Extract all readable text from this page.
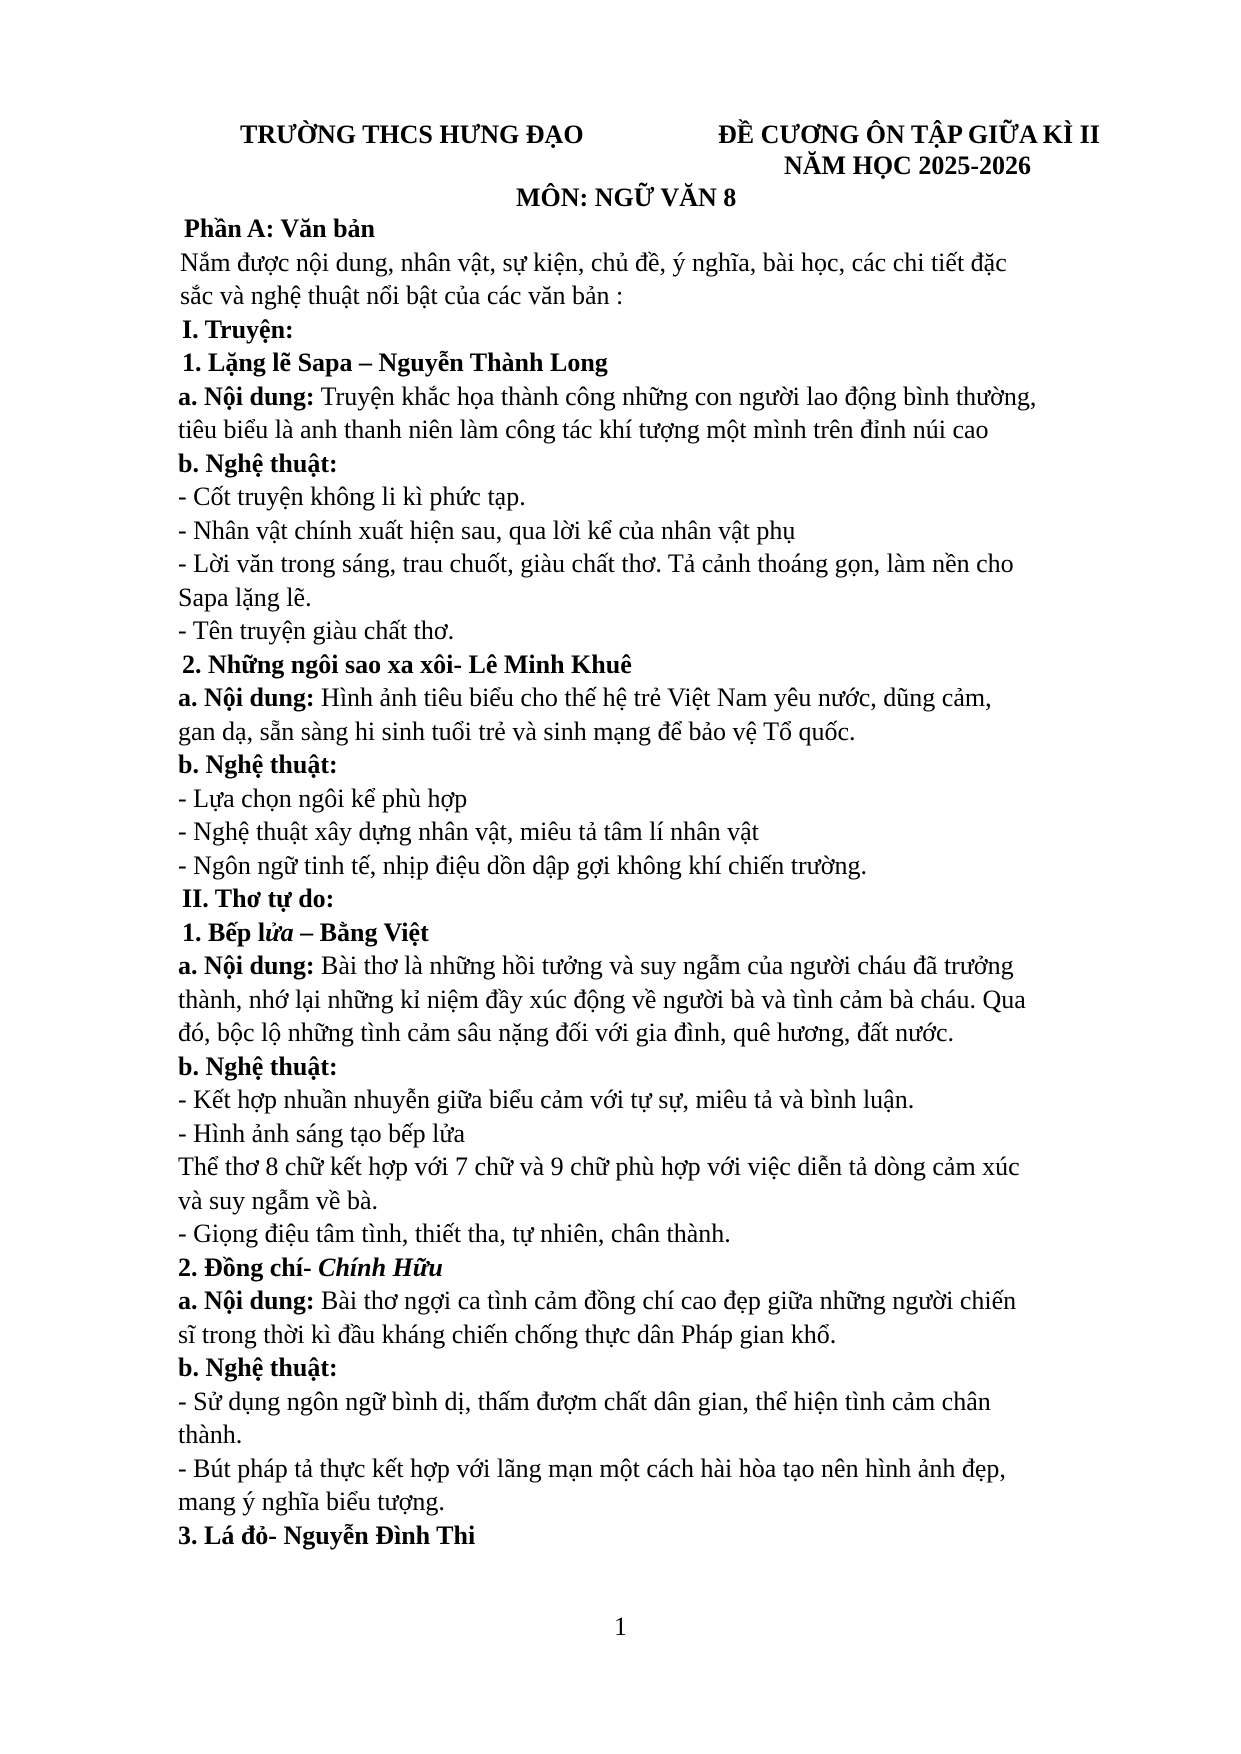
TRƯỜNG THCS HƯNG ĐẠO	ĐỀ CƯƠNG ÔN TẬP GIỮA KÌ II
NĂM HỌC 2025-2026
MÔN: NGỮ VĂN 8
Phần A: Văn bản
Nắm được nội dung, nhân vật, sự kiện, chủ đề, ý nghĩa, bài học, các chi tiết đặc
sắc và nghệ thuật nổi bật của các văn bản :
I. Truyện:
1. Lặng lẽ Sapa – Nguyễn Thành Long
a. Nội dung: Truyện khắc họa thành công những con người lao động bình thường,
tiêu biểu là anh thanh niên làm công tác khí tượng một mình trên đỉnh núi cao
b. Nghệ thuật:
- Cốt truyện không li kì phức tạp.
- Nhân vật chính xuất hiện sau, qua lời kể của nhân vật phụ
- Lời văn trong sáng, trau chuốt, giàu chất thơ. Tả cảnh thoáng gọn, làm nền cho
Sapa lặng lẽ.
- Tên truyện giàu chất thơ.
2. Những ngôi sao xa xôi- Lê Minh Khuê
a. Nội dung: Hình ảnh tiêu biểu cho thế hệ trẻ Việt Nam yêu nước, dũng cảm,
gan dạ, sẵn sàng hi sinh tuổi trẻ và sinh mạng để bảo vệ Tổ quốc.
b. Nghệ thuật:
- Lựa chọn ngôi kể phù hợp
- Nghệ thuật xây dựng nhân vật, miêu tả tâm lí nhân vật
- Ngôn ngữ tinh tế, nhịp điệu dồn dập gợi không khí chiến trường.
II. Thơ tự do:
1. Bếp lửa – Bằng Việt
a. Nội dung: Bài thơ là những hồi tưởng và suy ngẫm của người cháu đã trưởng
thành, nhớ lại những kỉ niệm đầy xúc động về người bà và tình cảm bà cháu. Qua
đó, bộc lộ những tình cảm sâu nặng đối với gia đình, quê hương, đất nước.
b. Nghệ thuật:
- Kết hợp nhuần nhuyễn giữa biểu cảm với tự sự, miêu tả và bình luận.
- Hình ảnh sáng tạo bếp lửa
Thể thơ 8 chữ kết hợp với 7 chữ và 9 chữ phù hợp với việc diễn tả dòng cảm xúc
và suy ngẫm về bà.
- Giọng điệu tâm tình, thiết tha, tự nhiên, chân thành.
2. Đồng chí- Chính Hữu
a. Nội dung: Bài thơ ngợi ca tình cảm đồng chí cao đẹp giữa những người chiến
sĩ trong thời kì đầu kháng chiến chống thực dân Pháp gian khổ.
b. Nghệ thuật:
- Sử dụng ngôn ngữ bình dị, thấm đượm chất dân gian, thể hiện tình cảm chân
thành.
- Bút pháp tả thực kết hợp với lãng mạn một cách hài hòa tạo nên hình ảnh đẹp,
mang ý nghĩa biểu tượng.
3. Lá đỏ- Nguyễn Đình Thi
1
